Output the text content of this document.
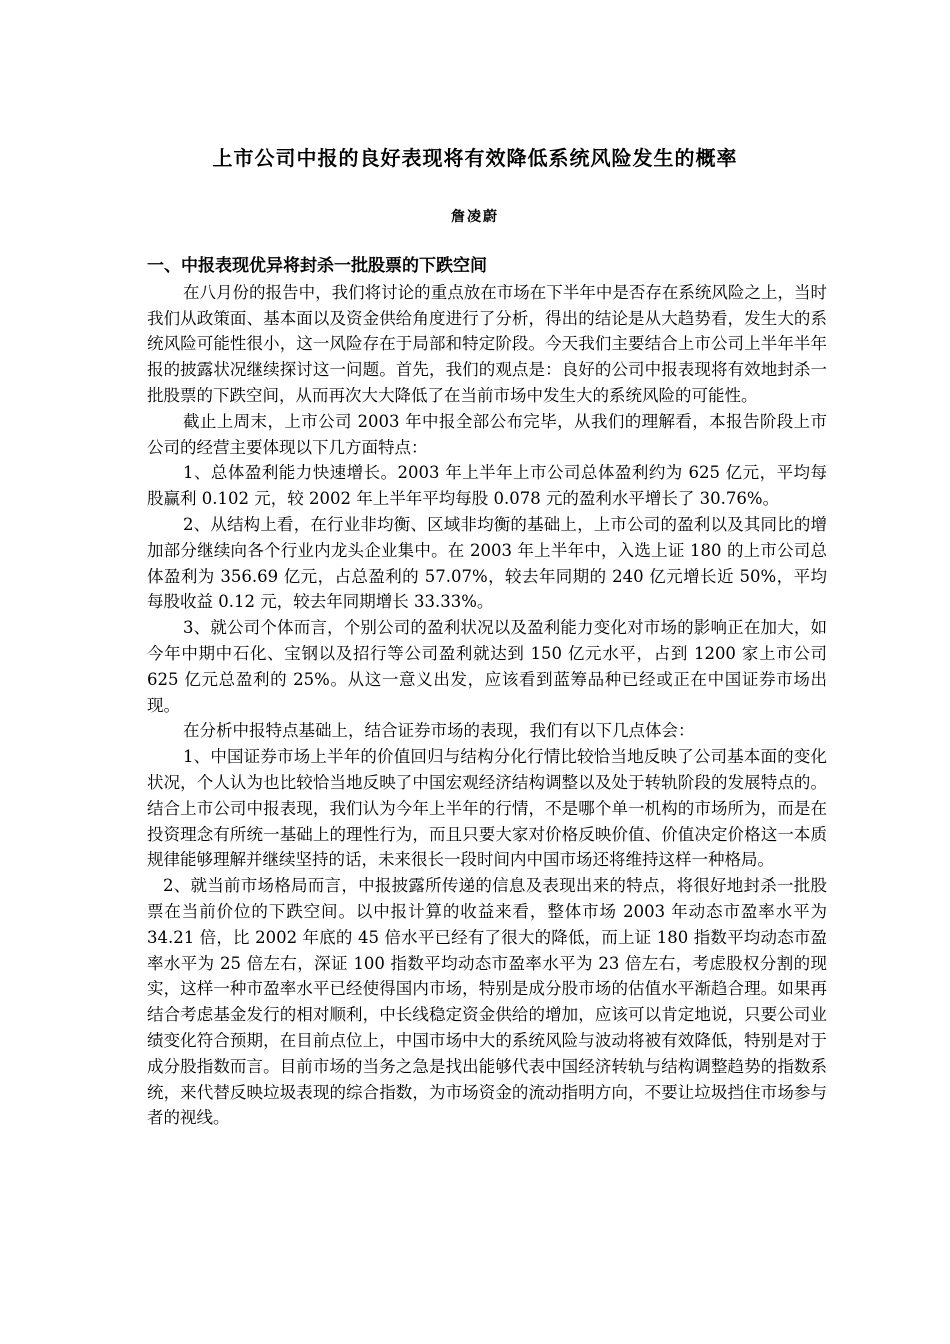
上市公司中报的良好表现将有效降低系统风险发生的概率
詹凌蔚
一、中报表现优异将封杀一批股票的下跌空间

在八月份的报告中，我们将讨论的重点放在市场在下半年中是否存在系统风险之上，当时我们从政策面、基本面以及资金供给角度进行了分析，得出的结论是从大趋势看，发生大的系统风险可能性很小，这一风险存在于局部和特定阶段。今天我们主要结合上市公司上半年半年报的披露状况继续探讨这一问题。首先，我们的观点是：良好的公司中报表现将有效地封杀一批股票的下跌空间，从而再次大大降低了在当前市场中发生大的系统风险的可能性。

截止上周末，上市公司 2003 年中报全部公布完毕，从我们的理解看，本报告阶段上市公司的经营主要体现以下几方面特点：

1、总体盈利能力快速增长。2003 年上半年上市公司总体盈利约为 625 亿元，平均每股赢利 0.102 元，较 2002 年上半年平均每股 0.078 元的盈利水平增长了 30.76%。

2、从结构上看，在行业非均衡、区域非均衡的基础上，上市公司的盈利以及其同比的增加部分继续向各个行业内龙头企业集中。在 2003 年上半年中，入选上证 180 的上市公司总体盈利为 356.69 亿元，占总盈利的 57.07%，较去年同期的 240 亿元增长近 50%，平均每股收益 0.12 元，较去年同期增长 33.33%。

3、就公司个体而言，个别公司的盈利状况以及盈利能力变化对市场的影响正在加大，如今年中期中石化、宝钢以及招行等公司盈利就达到 150 亿元水平，占到 1200 家上市公司 625 亿元总盈利的 25%。从这一意义出发，应该看到蓝筹品种已经或正在中国证券市场出现。

在分析中报特点基础上，结合证券市场的表现，我们有以下几点体会：

1、中国证券市场上半年的价值回归与结构分化行情比较恰当地反映了公司基本面的变化状况，个人认为也比较恰当地反映了中国宏观经济结构调整以及处于转轨阶段的发展特点的。结合上市公司中报表现，我们认为今年上半年的行情，不是哪个单一机构的市场所为，而是在投资理念有所统一基础上的理性行为，而且只要大家对价格反映价值、价值决定价格这一本质规律能够理解并继续坚持的话，未来很长一段时间内中国市场还将维持这样一种格局。

2、就当前市场格局而言，中报披露所传递的信息及表现出来的特点，将很好地封杀一批股票在当前价位的下跌空间。以中报计算的收益来看，整体市场 2003 年动态市盈率水平为 34.21 倍，比 2002 年底的 45 倍水平已经有了很大的降低，而上证 180 指数平均动态市盈率水平为 25 倍左右，深证 100 指数平均动态市盈率水平为 23 倍左右，考虑股权分割的现实，这样一种市盈率水平已经使得国内市场，特别是成分股市场的估值水平渐趋合理。如果再结合考虑基金发行的相对顺利，中长线稳定资金供给的增加，应该可以肯定地说，只要公司业绩变化符合预期，在目前点位上，中国市场中大的系统风险与波动将被有效降低，特别是对于成分股指数而言。目前市场的当务之急是找出能够代表中国经济转轨与结构调整趋势的指数系统，来代替反映垃圾表现的综合指数，为市场资金的流动指明方向，不要让垃圾挡住市场参与者的视线。
